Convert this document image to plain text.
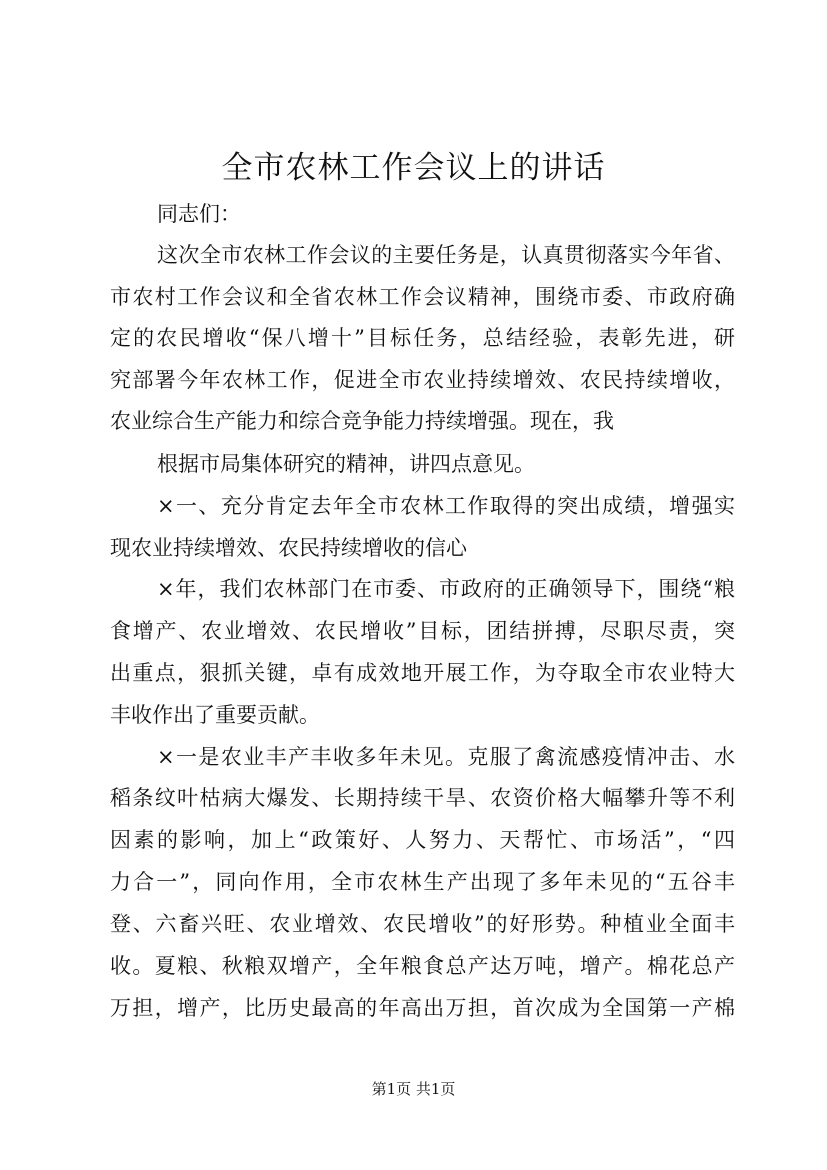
全市农林工作会议上的讲话
同志们：
这次全市农林工作会议的主要任务是，认真贯彻落实今年省、
市农村工作会议和全省农林工作会议精神，围绕市委、市政府确
定的农民增收“保八增十”目标任务，总结经验，表彰先进，研
究部署今年农林工作，促进全市农业持续增效、农民持续增收，
农业综合生产能力和综合竞争能力持续增强。现在，我
根据市局集体研究的精神，讲四点意见。
×一、充分肯定去年全市农林工作取得的突出成绩，增强实
现农业持续增效、农民持续增收的信心
×年，我们农林部门在市委、市政府的正确领导下，围绕“粮
食增产、农业增效、农民增收”目标，团结拼搏，尽职尽责，突
出重点，狠抓关键，卓有成效地开展工作，为夺取全市农业特大
丰收作出了重要贡献。
×一是农业丰产丰收多年未见。克服了禽流感疫情冲击、水
稻条纹叶枯病大爆发、长期持续干旱、农资价格大幅攀升等不利
因素的影响，加上“政策好、人努力、天帮忙、市场活”，“四
力合一”，同向作用，全市农林生产出现了多年未见的“五谷丰
登、六畜兴旺、农业增效、农民增收”的好形势。种植业全面丰
收。夏粮、秋粮双增产，全年粮食总产达万吨，增产。棉花总产
万担，增产，比历史最高的年高出万担，首次成为全国第一产棉
第1页 共1页
